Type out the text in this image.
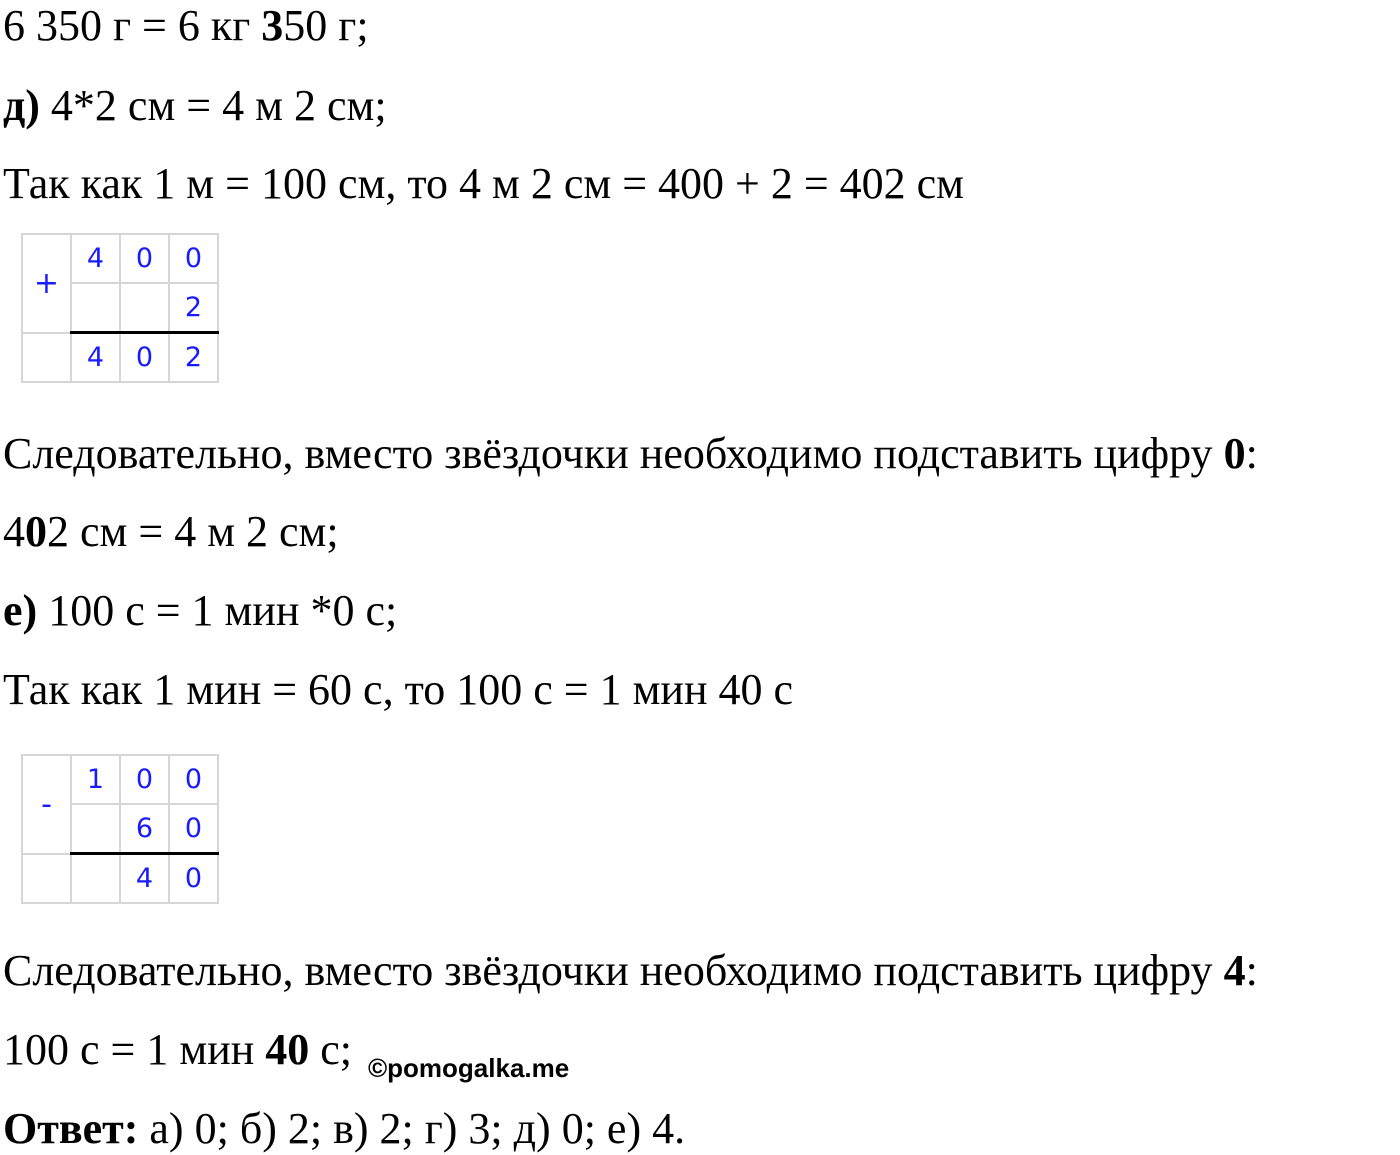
6 350 г = 6 кг 350 г;

д) 4*2 см = 4 м 2 см;

Так как 1 м = 100 см, то 4 м 2 см = 400 + 2 = 402 см

+	4	0	0
			2
	4	0	2

Следовательно, вместо звёздочки необходимо подставить цифру 0:

402 см = 4 м 2 см;

е) 100 с = 1 мин *0 с;

Так как 1 мин = 60 с, то 100 с = 1 мин 40 с

-	1	0	0
		6	0
		4	0

Следовательно, вместо звёздочки необходимо подставить цифру 4:

100 с = 1 мин 40 с; ©pomogalka.me

Ответ: а) 0; б) 2; в) 2; г) 3; д) 0; е) 4.
